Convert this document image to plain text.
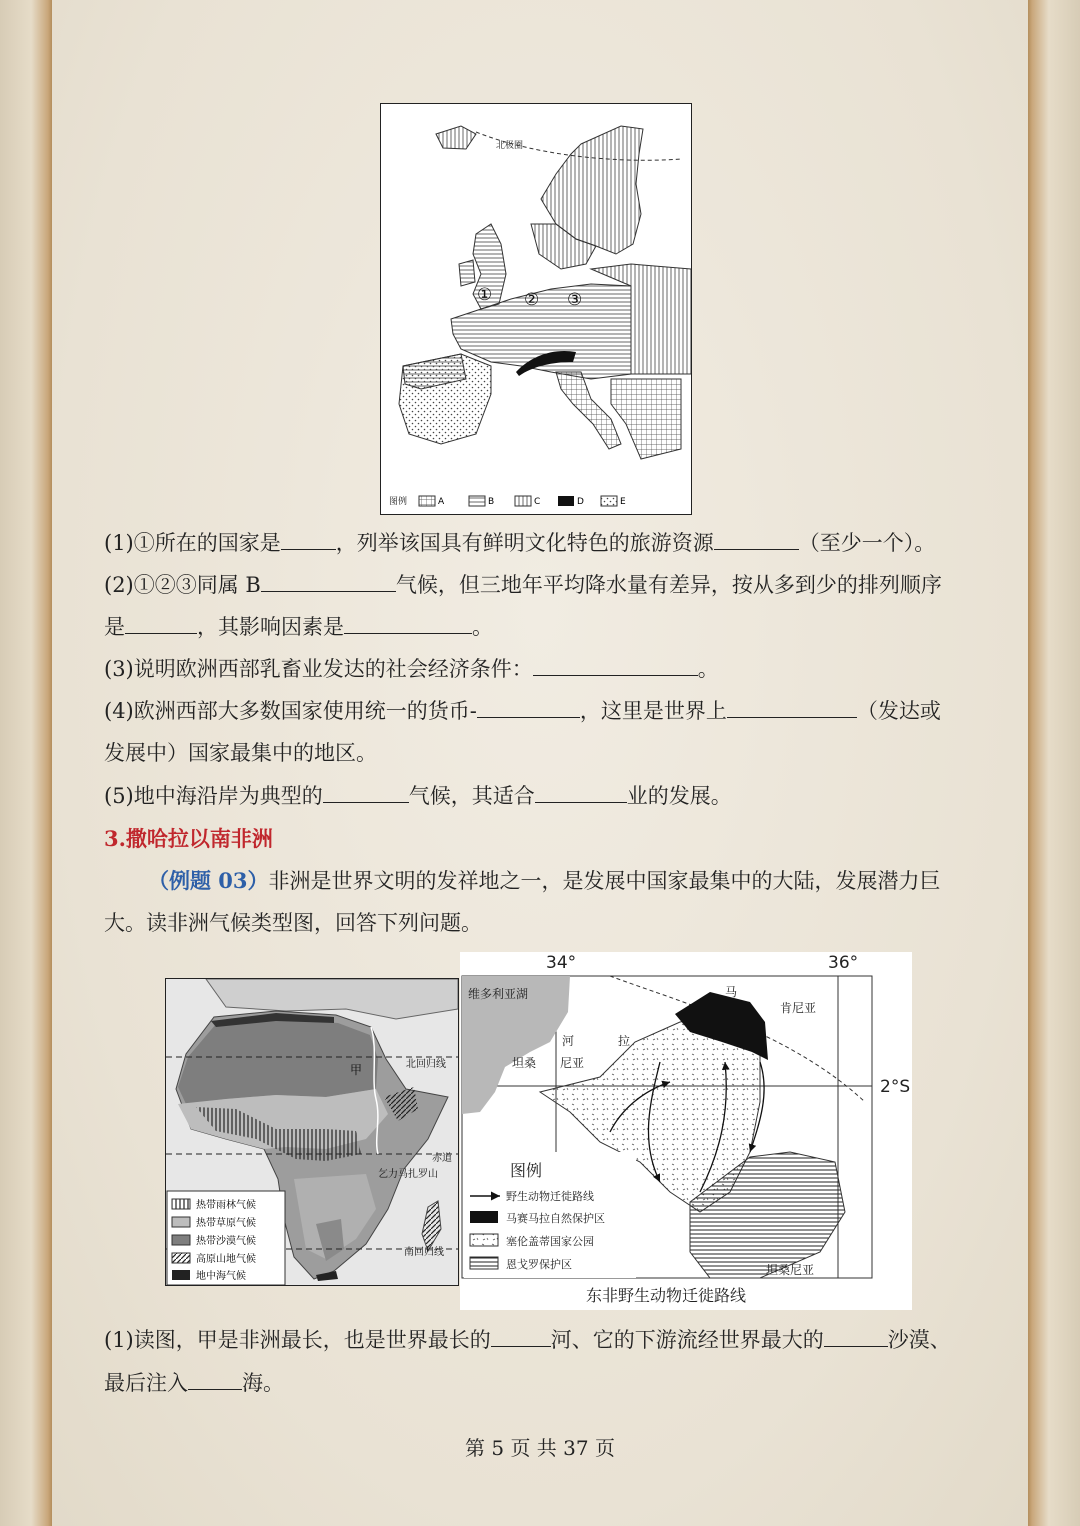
北极圈
① ② ③
图例	A	B	C	D	E
(1)①所在的国家是	，列举该国具有鲜明文化特色的旅游资源	（至少一个）。
(2)①②③同属 B	气候，但三地年平均降水量有差异，按从多到少的排列顺序
是	，其影响因素是	。
(3)说明欧洲西部乳畜业发达的社会经济条件：	。
(4)欧洲西部大多数国家使用统一的货币-	，这里是世界上	（发达或
发展中）国家最集中的地区。
(5)地中海沿岸为典型的	气候，其适合	业的发展。
3.撒哈拉以南非洲
（例题 03）非洲是世界文明的发祥地之一，是发展中国家最集中的大陆，发展潜力巨
大。读非洲气候类型图，回答下列问题。
甲	北回归线
赤道
乞力马扎罗山
南回归线
热带雨林气候
热带草原气候
热带沙漠气候
高原山地气候
地中海气候
34°	36°
2°S
维多利亚湖	马
肯尼亚
河	拉
坦桑 尼亚
坦桑尼亚
图例
野生动物迁徙路线
马赛马拉自然保护区
塞伦盖蒂国家公园
恩戈罗保护区
东非野生动物迁徙路线
(1)读图，甲是非洲最长，也是世界最长的	河、它的下游流经世界最大的	沙漠、
最后注入	海。
第 5 页 共 37 页
